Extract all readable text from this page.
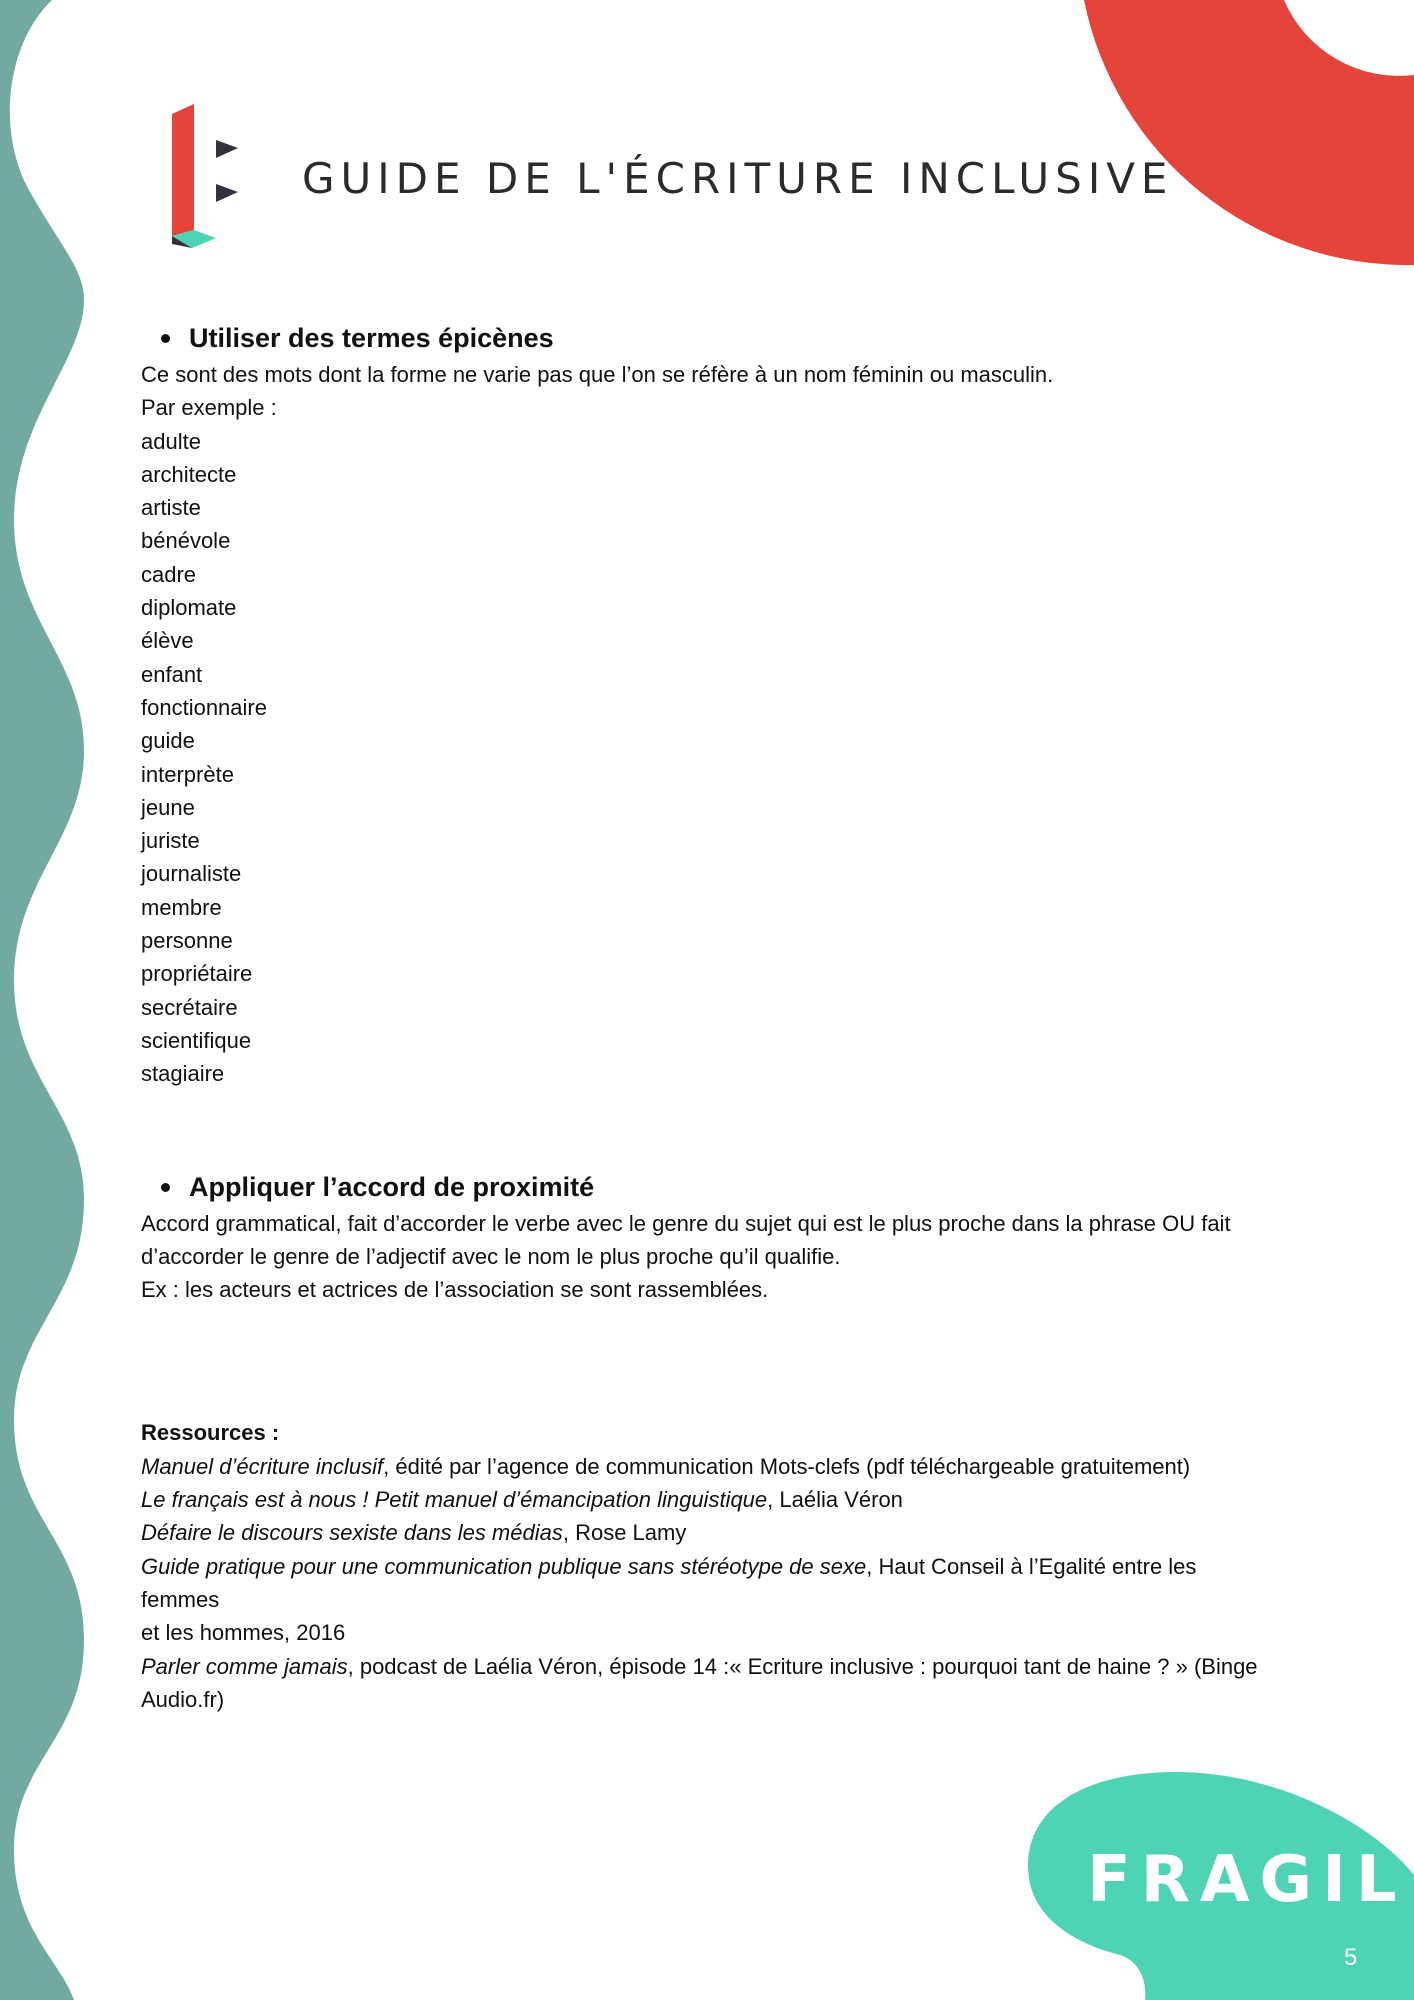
GUIDE DE L'ÉCRITURE INCLUSIVE
Utiliser des termes épicènes
Ce sont des mots dont la forme ne varie pas que l’on se réfère à un nom féminin ou masculin.
Par exemple :
adulte
architecte
artiste
bénévole
cadre
diplomate
élève
enfant
fonctionnaire
guide
interprète
jeune
juriste
journaliste
membre
personne
propriétaire
secrétaire
scientifique
stagiaire
Appliquer l’accord de proximité
Accord grammatical, fait d’accorder le verbe avec le genre du sujet qui est le plus proche dans la phrase OU fait
d’accorder le genre de l’adjectif avec le nom le plus proche qu’il qualifie.
Ex : les acteurs et actrices de l’association se sont rassemblées.
Ressources :
Manuel d’écriture inclusif, édité par l’agence de communication Mots-clefs (pdf téléchargeable gratuitement)
Le français est à nous ! Petit manuel d’émancipation linguistique, Laélia Véron
Défaire le discours sexiste dans les médias, Rose Lamy
Guide pratique pour une communication publique sans stéréotype de sexe, Haut Conseil à l’Egalité entre les femmes
et les hommes, 2016
Parler comme jamais, podcast de Laélia Véron, épisode 14 :« Ecriture inclusive : pourquoi tant de haine ? » (Binge
Audio.fr)
FRAGIL
5
